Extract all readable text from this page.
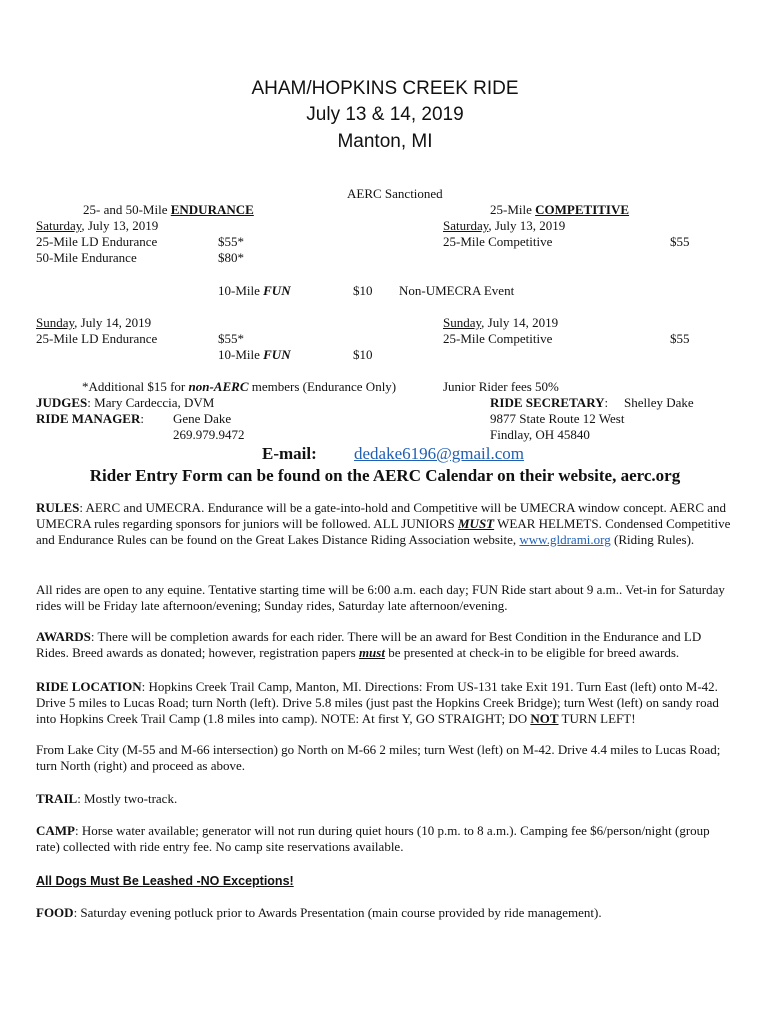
AHAM/HOPKINS CREEK RIDE
July 13 & 14, 2019
Manton, MI
AERC Sanctioned
25- and 50-Mile ENDURANCE	25-Mile COMPETITIVE
Saturday, July 13, 2019	Saturday, July 13, 2019
25-Mile LD Endurance	$55*	25-Mile Competitive	$55
50-Mile Endurance	$80*
10-Mile FUN	$10 Non-UMECRA Event
Sunday, July 14, 2019	Sunday, July 14, 2019
25-Mile LD Endurance	$55*	25-Mile Competitive	$55
10-Mile FUN	$10
*Additional $15 for non-AERC members (Endurance Only)	Junior Rider fees 50%
JUDGES: Mary Cardeccia, DVM	RIDE SECRETARY: Shelley Dake
RIDE MANAGER: Gene Dake	9877 State Route 12 West
269.979.9472	Findlay, OH 45840
E-mail: dedake6196@gmail.com
Rider Entry Form can be found on the AERC Calendar on their website, aerc.org
RULES: AERC and UMECRA. Endurance will be a gate-into-hold and Competitive will be UMECRA window concept. AERC and UMECRA rules regarding sponsors for juniors will be followed. ALL JUNIORS MUST WEAR HELMETS. Condensed Competitive and Endurance Rules can be found on the Great Lakes Distance Riding Association website, www.gldrami.org (Riding Rules).
All rides are open to any equine. Tentative starting time will be 6:00 a.m. each day; FUN Ride start about 9 a.m.. Vet-in for Saturday rides will be Friday late afternoon/evening; Sunday rides, Saturday late afternoon/evening.
AWARDS: There will be completion awards for each rider. There will be an award for Best Condition in the Endurance and LD Rides. Breed awards as donated; however, registration papers must be presented at check-in to be eligible for breed awards.
RIDE LOCATION: Hopkins Creek Trail Camp, Manton, MI. Directions: From US-131 take Exit 191. Turn East (left) onto M-42. Drive 5 miles to Lucas Road; turn North (left). Drive 5.8 miles (just past the Hopkins Creek Bridge); turn West (left) on sandy road into Hopkins Creek Trail Camp (1.8 miles into camp). NOTE: At first Y, GO STRAIGHT; DO NOT TURN LEFT!
From Lake City (M-55 and M-66 intersection) go North on M-66 2 miles; turn West (left) on M-42. Drive 4.4 miles to Lucas Road; turn North (right) and proceed as above.
TRAIL: Mostly two-track.
CAMP: Horse water available; generator will not run during quiet hours (10 p.m. to 8 a.m.). Camping fee $6/person/night (group rate) collected with ride entry fee. No camp site reservations available.
All Dogs Must Be Leashed -NO Exceptions!
FOOD: Saturday evening potluck prior to Awards Presentation (main course provided by ride management).
